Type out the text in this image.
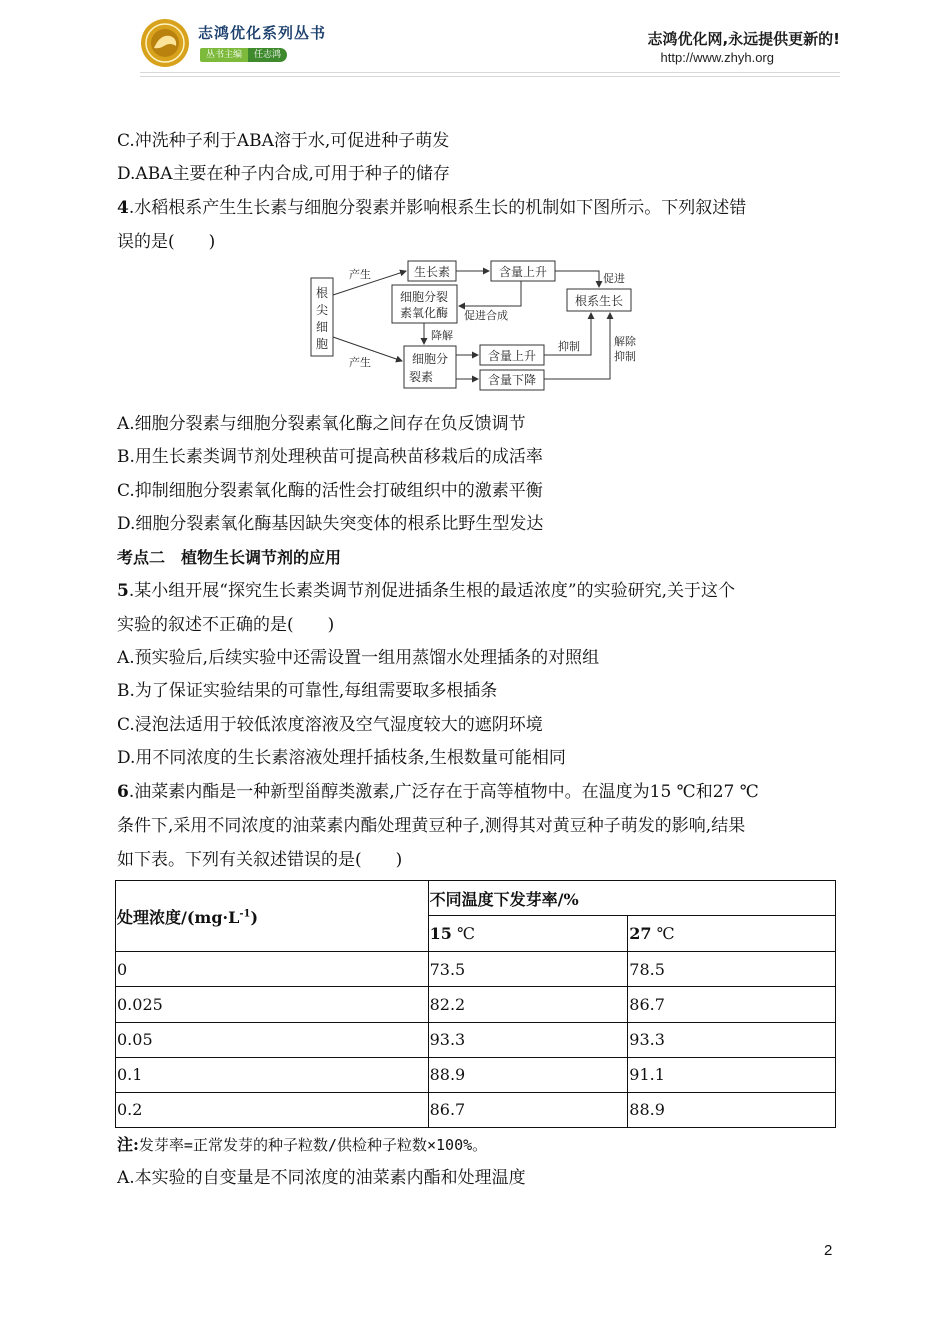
志鸿优化系列丛书
丛书主编 任志鸿
志鸿优化网,永远提供更新的!
http://www.zhyh.org
C.冲洗种子利于ABA溶于水,可促进种子萌发
D.ABA主要在种子内合成,可用于种子的储存
4.水稻根系产生生长素与细胞分裂素并影响根系生长的机制如下图所示。下列叙述错
误的是(　　)
根
尖
细
胞
产生
产生
生长素	含量上升	促进
根系生长
细胞分裂
素氧化酶 促进合成
降解
细胞分
裂素
含量上升
含量下降
抑制	解除
抑制
A.细胞分裂素与细胞分裂素氧化酶之间存在负反馈调节
B.用生长素类调节剂处理秧苗可提高秧苗移栽后的成活率
C.抑制细胞分裂素氧化酶的活性会打破组织中的激素平衡
D.细胞分裂素氧化酶基因缺失突变体的根系比野生型发达
考点二　植物生长调节剂的应用
5.某小组开展“探究生长素类调节剂促进插条生根的最适浓度”的实验研究,关于这个
实验的叙述不正确的是(　　)
A.预实验后,后续实验中还需设置一组用蒸馏水处理插条的对照组
B.为了保证实验结果的可靠性,每组需要取多根插条
C.浸泡法适用于较低浓度溶液及空气湿度较大的遮阴环境
D.用不同浓度的生长素溶液处理扦插枝条,生根数量可能相同
6.油菜素内酯是一种新型甾醇类激素,广泛存在于高等植物中。在温度为15 ℃和27 ℃
条件下,采用不同浓度的油菜素内酯处理黄豆种子,测得其对黄豆种子萌发的影响,结果
如下表。下列有关叙述错误的是(　　)
处理浓度$/(mg\cdot L^{-1})$	不同温度下发芽率/%	
	15 ℃	27 ℃
0	73.5	78.5
0.025	82.2	86.7
0.05	93.3	93.3
0.1	88.9	91.1
0.2	86.7	88.9
注:发芽率=正常发芽的种子粒数/供检种子粒数×100%。
A.本实验的自变量是不同浓度的油菜素内酯和处理温度
2
